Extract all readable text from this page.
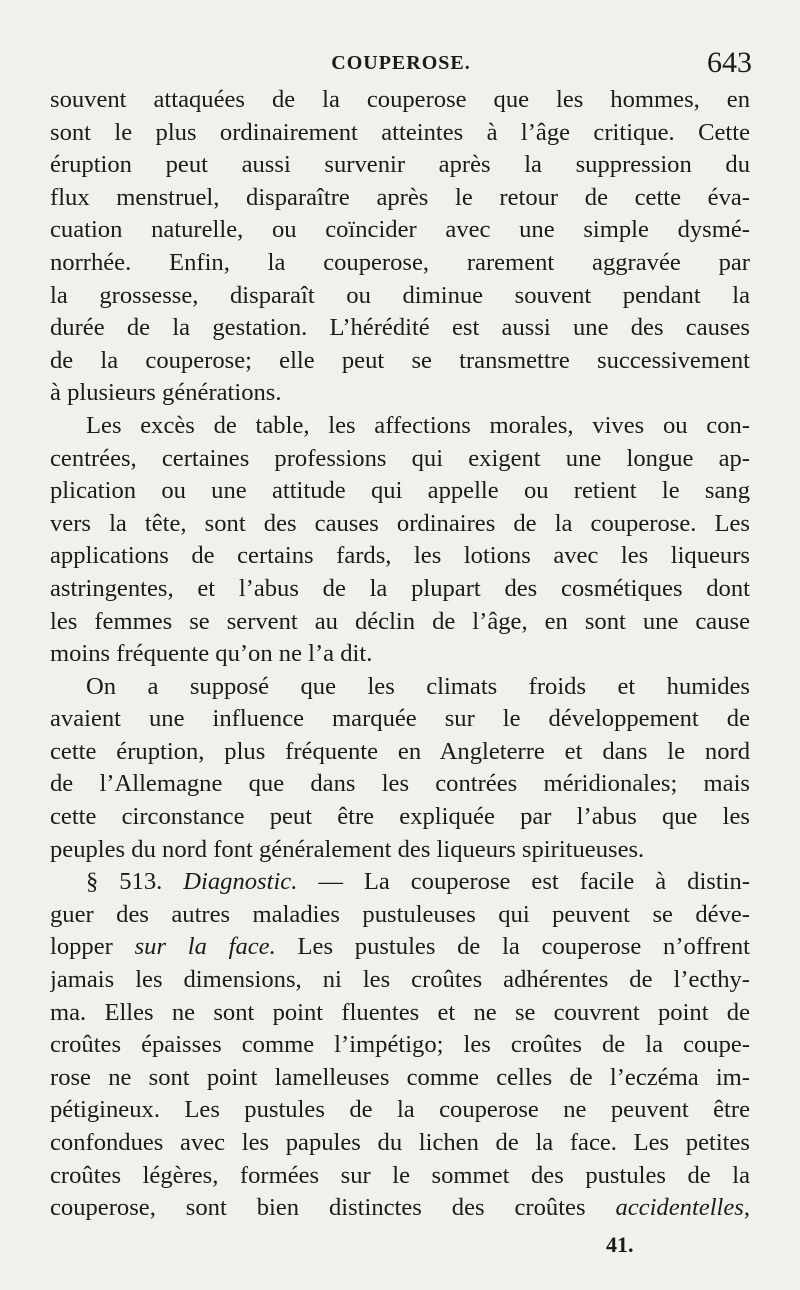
COUPEROSE.	643
souvent attaquées de la couperose que les hommes, en
sont le plus ordinairement atteintes à l’âge critique. Cette
éruption peut aussi survenir après la suppression du
flux menstruel, disparaître après le retour de cette éva-
cuation naturelle, ou coïncider avec une simple dysmé-
norrhée. Enfin, la couperose, rarement aggravée par
la grossesse, disparaît ou diminue souvent pendant la
durée de la gestation. L’hérédité est aussi une des causes
de la couperose; elle peut se transmettre successivement
à plusieurs générations.
Les excès de table, les affections morales, vives ou con-
centrées, certaines professions qui exigent une longue ap-
plication ou une attitude qui appelle ou retient le sang
vers la tête, sont des causes ordinaires de la couperose. Les
applications de certains fards, les lotions avec les liqueurs
astringentes, et l’abus de la plupart des cosmétiques dont
les femmes se servent au déclin de l’âge, en sont une cause
moins fréquente qu’on ne l’a dit.
On a supposé que les climats froids et humides
avaient une influence marquée sur le développement de
cette éruption, plus fréquente en Angleterre et dans le nord
de l’Allemagne que dans les contrées méridionales; mais
cette circonstance peut être expliquée par l’abus que les
peuples du nord font généralement des liqueurs spiritueuses.
§ 513. Diagnostic. — La couperose est facile à distin-
guer des autres maladies pustuleuses qui peuvent se déve-
lopper sur la face. Les pustules de la couperose n’offrent
jamais les dimensions, ni les croûtes adhérentes de l’ecthy-
ma. Elles ne sont point fluentes et ne se couvrent point de
croûtes épaisses comme l’impétigo; les croûtes de la coupe-
rose ne sont point lamelleuses comme celles de l’eczéma im-
pétigineux. Les pustules de la couperose ne peuvent être
confondues avec les papules du lichen de la face. Les petites
croûtes légères, formées sur le sommet des pustules de la
couperose, sont bien distinctes des croûtes accidentelles,
41.
